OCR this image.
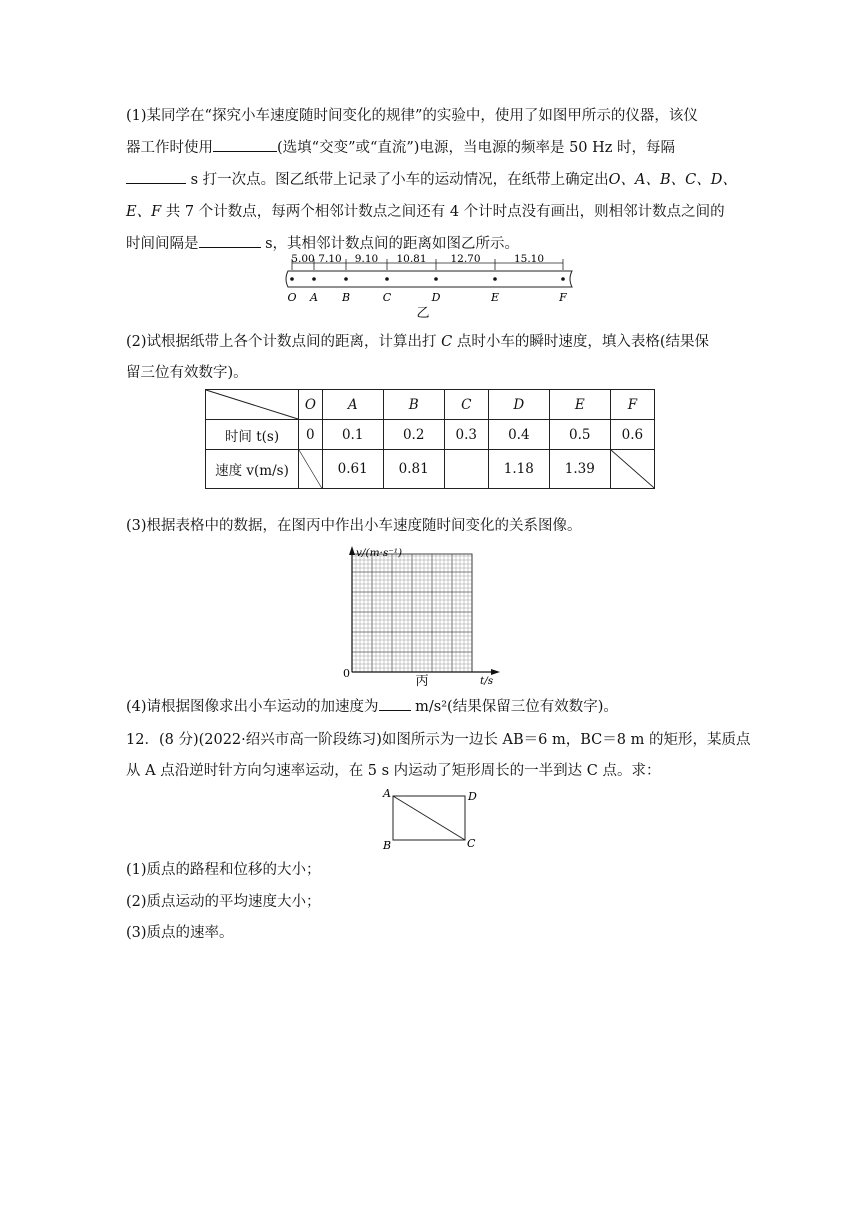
(1)某同学在“探究小车速度随时间变化的规律”的实验中，使用了如图甲所示的仪器，该仪
器工作时使用	(选填“交变”或“直流”)电源，当电源的频率是 50 Hz 时，每隔
s 打一次点。图乙纸带上记录了小车的运动情况，在纸带上确定出O、A、B、C、D、
E、F 共 7 个计数点，每两个相邻计数点之间还有 4 个计时点没有画出，则相邻计数点之间的
时间间隔是	s，其相邻计数点间的距离如图乙所示。
O A B	C	D	E	F
5.00 7.10 9.10 10.81 12.70	15.10
乙
(2)试根据纸带上各个计数点间的距离，计算出打 C 点时小车的瞬时速度，填入表格(结果保
留三位有效数字)。
	O	A	B	C	D	E	F
时间 t(s)	0	0.1	0.2	0.3	0.4	0.5	0.6
速度 v(m/s)		0.61	0.81		1.18	1.39	
(3)根据表格中的数据，在图丙中作出小车速度随时间变化的关系图像。
v/(m·s⁻¹)
t/s
0
丙
(4)请根据图像求出小车运动的加速度为 m/s²(结果保留三位有效数字)。
12．(8 分)(2022·绍兴市高一阶段练习)如图所示为一边长 AB＝6 m，BC＝8 m 的矩形，某质点
从 A 点沿逆时针方向匀速率运动，在 5 s 内运动了矩形周长的一半到达 C 点。求：
A	D
B	C
(1)质点的路程和位移的大小；
(2)质点运动的平均速度大小；
(3)质点的速率。
